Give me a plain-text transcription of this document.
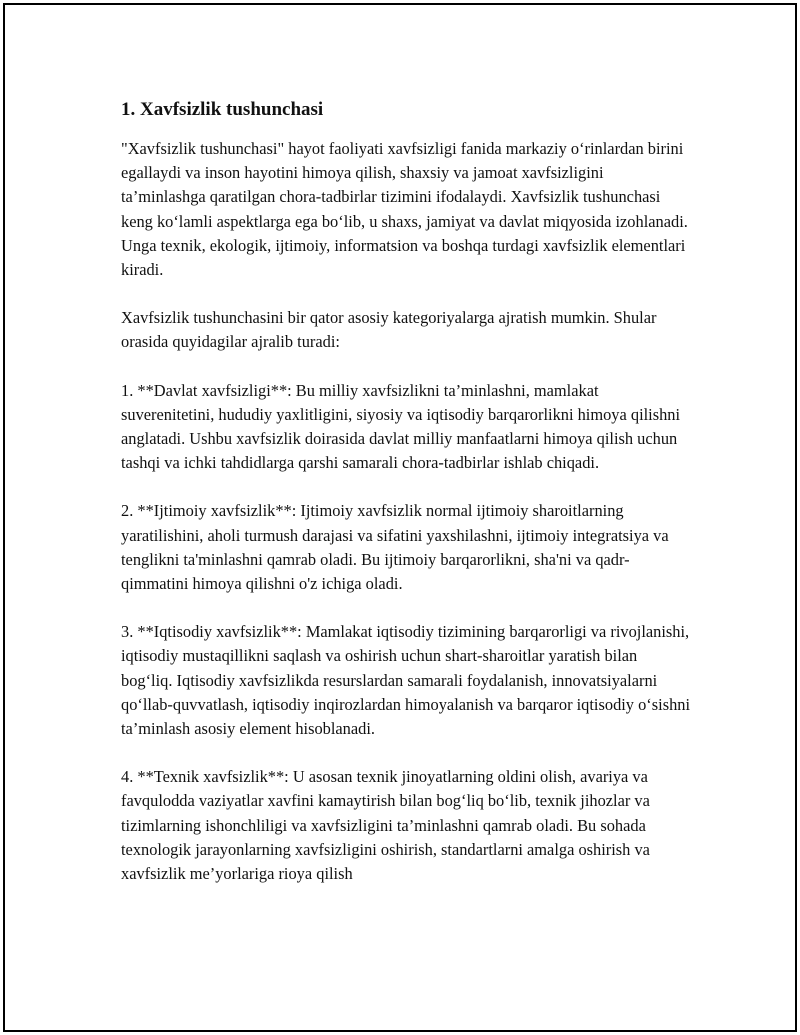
1. Xavfsizlik tushunchasi

"Xavfsizlik tushunchasi" hayot faoliyati xavfsizligi fanida markaziy o‘rinlardan birini egallaydi va inson hayotini himoya qilish, shaxsiy va jamoat xavfsizligini ta’minlashga qaratilgan chora-tadbirlar tizimini ifodalaydi. Xavfsizlik tushunchasi keng ko‘lamli aspektlarga ega bo‘lib, u shaxs, jamiyat va davlat miqyosida izohlanadi. Unga texnik, ekologik, ijtimoiy, informatsion va boshqa turdagi xavfsizlik elementlari kiradi.

Xavfsizlik tushunchasini bir qator asosiy kategoriyalarga ajratish mumkin. Shular orasida quyidagilar ajralib turadi:

1. **Davlat xavfsizligi**: Bu milliy xavfsizlikni ta’minlashni, mamlakat suverenitetini, hududiy yaxlitligini, siyosiy va iqtisodiy barqarorlikni himoya qilishni anglatadi. Ushbu xavfsizlik doirasida davlat milliy manfaatlarni himoya qilish uchun tashqi va ichki tahdidlarga qarshi samarali chora-tadbirlar ishlab chiqadi.

2. **Ijtimoiy xavfsizlik**: Ijtimoiy xavfsizlik normal ijtimoiy sharoitlarning yaratilishini, aholi turmush darajasi va sifatini yaxshilashni, ijtimoiy integratsiya va tenglikni ta'minlashni qamrab oladi. Bu ijtimoiy barqarorlikni, sha'ni va qadr-qimmatini himoya qilishni o'z ichiga oladi.

3. **Iqtisodiy xavfsizlik**: Mamlakat iqtisodiy tizimining barqarorligi va rivojlanishi, iqtisodiy mustaqillikni saqlash va oshirish uchun shart-sharoitlar yaratish bilan bog‘liq. Iqtisodiy xavfsizlikda resurslardan samarali foydalanish, innovatsiyalarni qo‘llab-quvvatlash, iqtisodiy inqirozlardan himoyalanish va barqaror iqtisodiy o‘sishni ta’minlash asosiy element hisoblanadi.

4. **Texnik xavfsizlik**: U asosan texnik jinoyatlarning oldini olish, avariya va favqulodda vaziyatlar xavfini kamaytirish bilan bog‘liq bo‘lib, texnik jihozlar va tizimlarning ishonchliligi va xavfsizligini ta’minlashni qamrab oladi. Bu sohada texnologik jarayonlarning xavfsizligini oshirish, standartlarni amalga oshirish va xavfsizlik me’yorlariga rioya qilish
